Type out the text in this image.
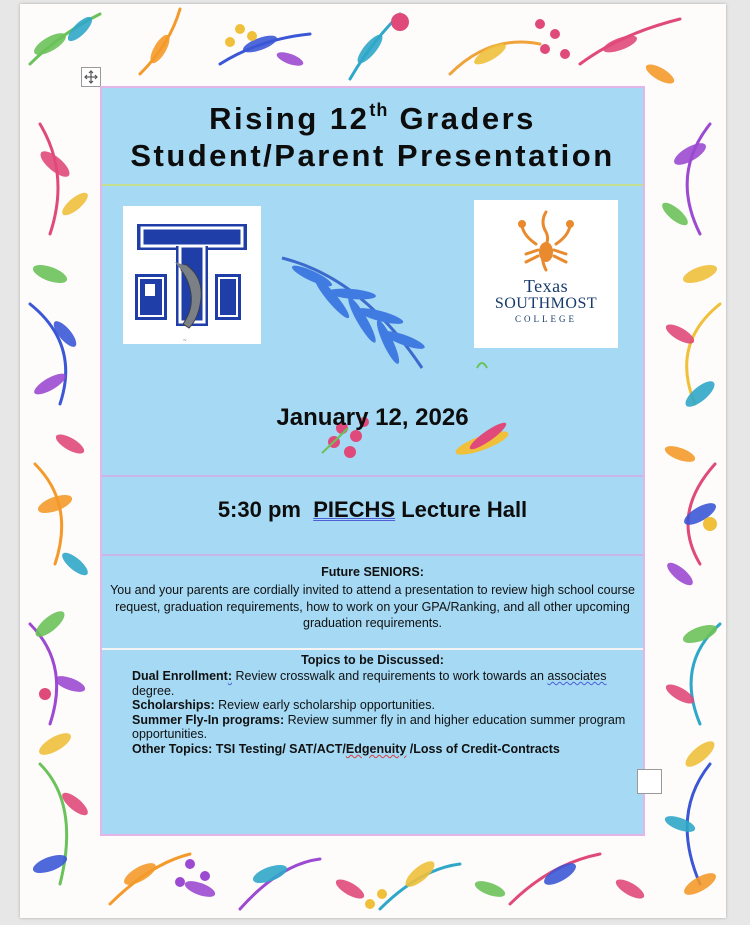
Rising 12th Graders
Student/Parent Presentation
~
Texas
SOUTHMOST
COLLEGE
January 12, 2026
5:30 pm PIECHS Lecture Hall
Future SENIORS:
You and your parents are cordially invited to attend a presentation to review high school course request, graduation requirements, how to work on your GPA/Ranking, and all other upcoming graduation requirements.
Topics to be Discussed:

Dual Enrollment: Review crosswalk and requirements to work towards an associates degree.

Scholarships: Review early scholarship opportunities.

Summer Fly-In programs: Review summer fly in and higher education summer program opportunities.

Other Topics: TSI Testing/ SAT/ACT/Edgenuity /Loss of Credit-Contracts
